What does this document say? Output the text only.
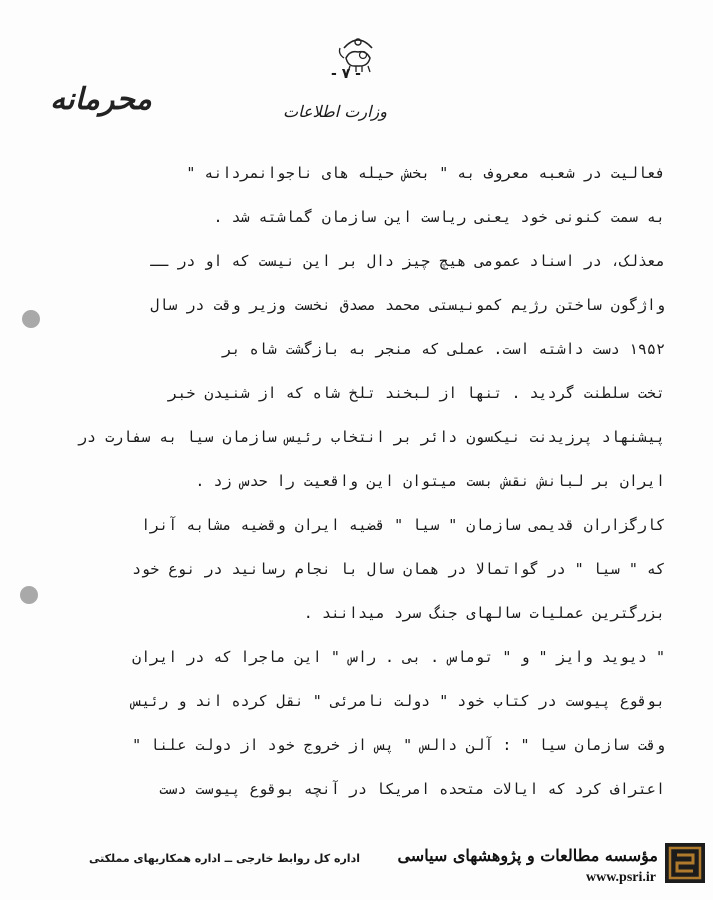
- ۷ -
وزارت اطلاعات
محرمانه
فعالیت در شعبه معروف به " بخش حیله های ناجوانمردانه "
به سمت کنونی خود یعنی ریاست این سازمان گماشته شد .
معذلک، در اسناد عمومی هیچ چیز دال بر این نیست که او در ــ
واژگون ساختن رژیم کمونیستی محمد مصدق نخست وزیر وقت در سال
۱۹۵۲ دست داشته است. عملی که منجر به بازگشت شاه بر
تخت سلطنت گردید . تنها از لبخند تلخ شاه که از شنیدن خبر
پیشنهاد پرزیدنت نیکسون دائر بر انتخاب رئیس سازمان سیا به سفارت در
ایران بر لبانش نقش بست میتوان این واقعیت را حدس زد .
کارگزاران قدیمی سازمان " سیا " قضیه ایران وقضیه مشابه آنرا
که " سیا " در گواتمالا در همان سال با نجام رسانید در نوع خود
بزرگترین عملیات سالهای جنگ سرد میدانند .
" دیوید وایز " و " توماس . بی . راس " این ماجرا که در ایران
بوقوع پیوست در کتاب خود " دولت نامرئی " نقل کرده اند و رئیس
وقت سازمان سیا " : آلن دالس " پس از خروج خود از دولت علنا "
اعتراف کرد که ایالات متحده امریکا در آنچه بوقوع پیوست دست
اداره کل روابط خارجی ــ اداره همکاریهای مملکتی	مؤسسه مطالعات و پژوهشهای سیاسی
www.psri.ir
